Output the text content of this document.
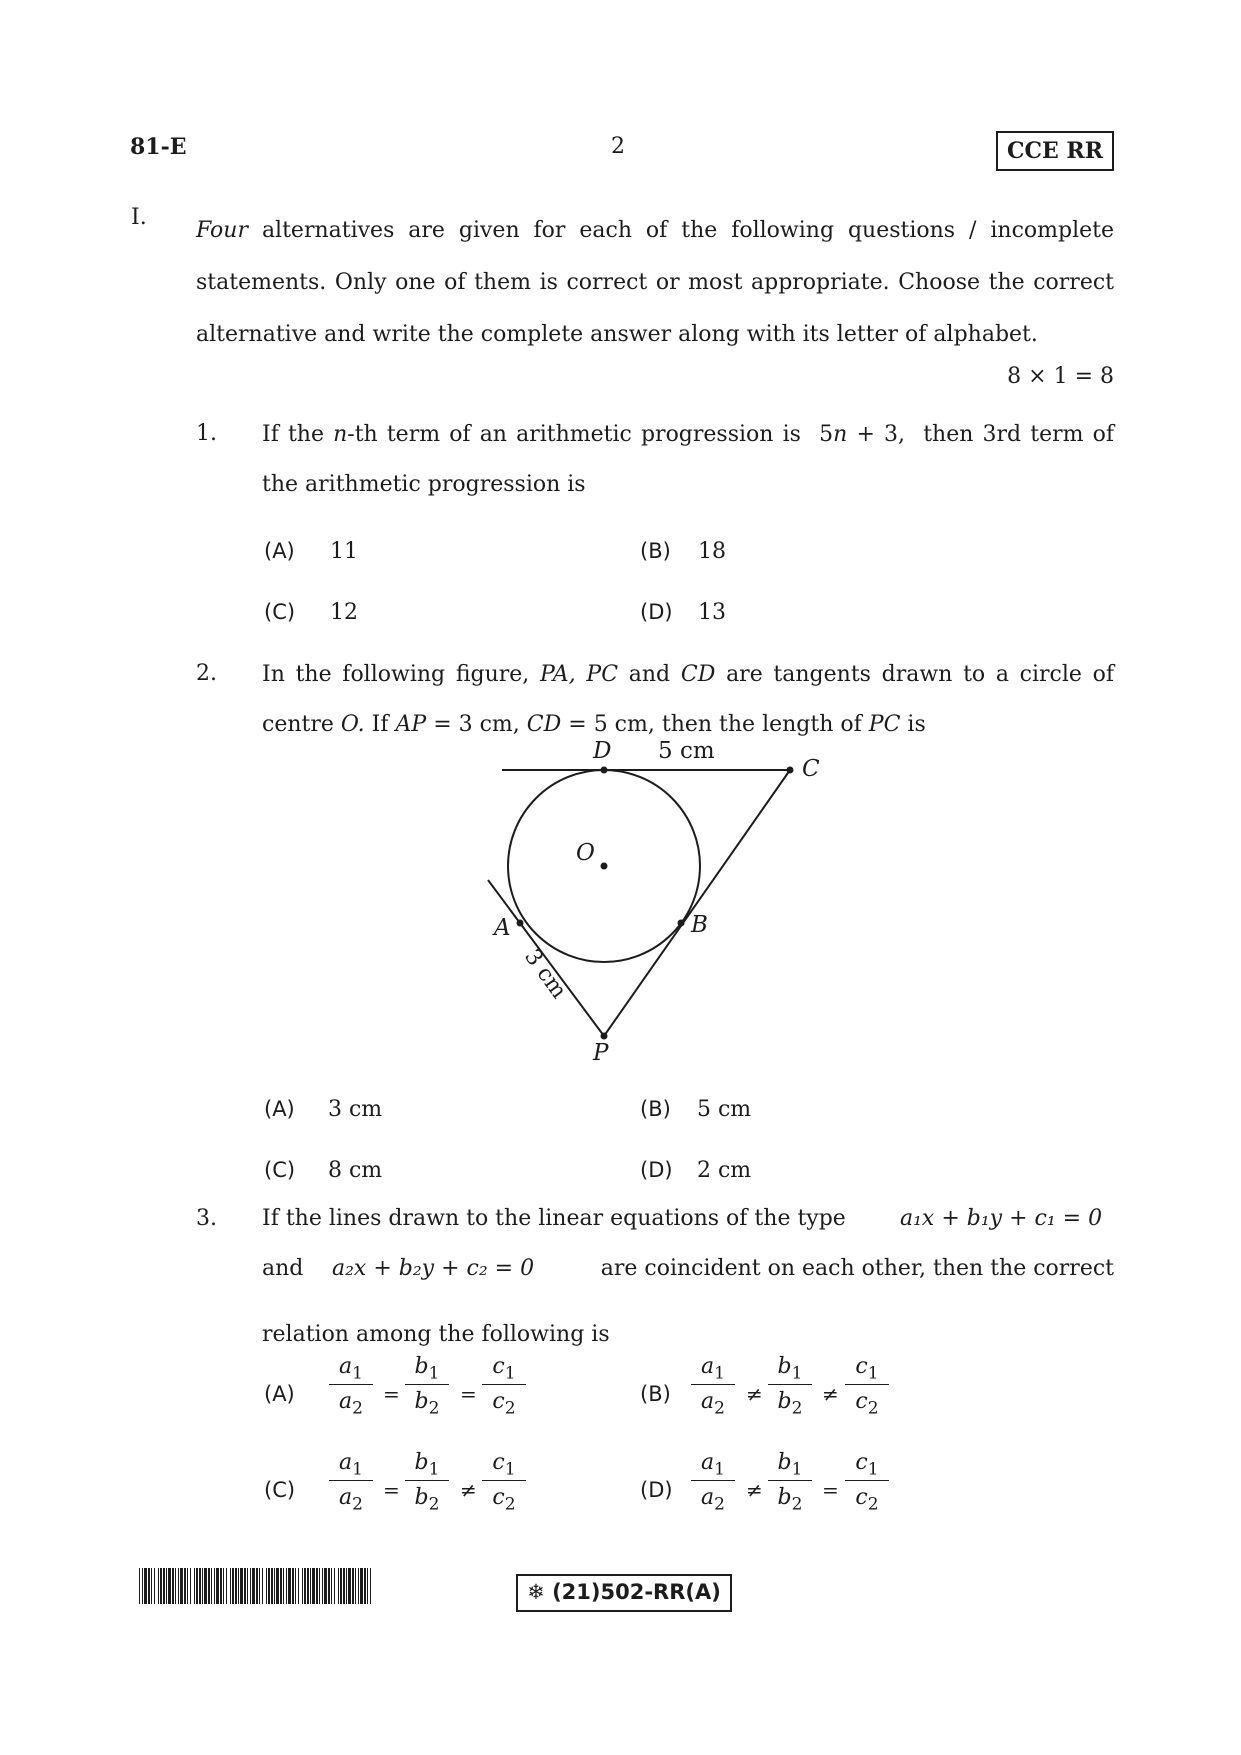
81-E	2	CCE RR
I.
Four alternatives are given for each of the following questions / incomplete statements. Only one of them is correct or most appropriate. Choose the correct alternative and write the complete answer along with its letter of alphabet.
8 × 1 = 8
1. If the n-th term of an arithmetic progression is 5n + 3, then 3rd term of the arithmetic progression is
(A) 11	(B) 18
(C) 12	(D) 13
2. In the following figure, PA, PC and CD are tangents drawn to a circle of centre O. If AP = 3 cm, CD = 5 cm, then the length of PC is
D 5 cm
C
O
A	B
P
3 cm
(A) 3 cm	(B) 5 cm
(C) 8 cm	(D) 2 cm
3. If the lines drawn to the linear equations of the type	a₁x + b₁y + c₁ = 0
and a₂x + b₂y + c₂ = 0	are coincident on each other, then the correct
relation among the following is
(A)
$a_1$
$a_2$
=
$b_1$
$b_2$
=
$c_1$
$c_2$
(B)
$a_1$
$a_2$
≠
$b_1$
$b_2$
≠
$c_1$
$c_2$
(C)
$a_1$
$a_2$
=
$b_1$
$b_2$
≠
$c_1$
$c_2$
(D)
$a_1$
$a_2$
≠
$b_1$
$b_2$
=
$c_1$
$c_2$
❄ (21)502-RR(A)
